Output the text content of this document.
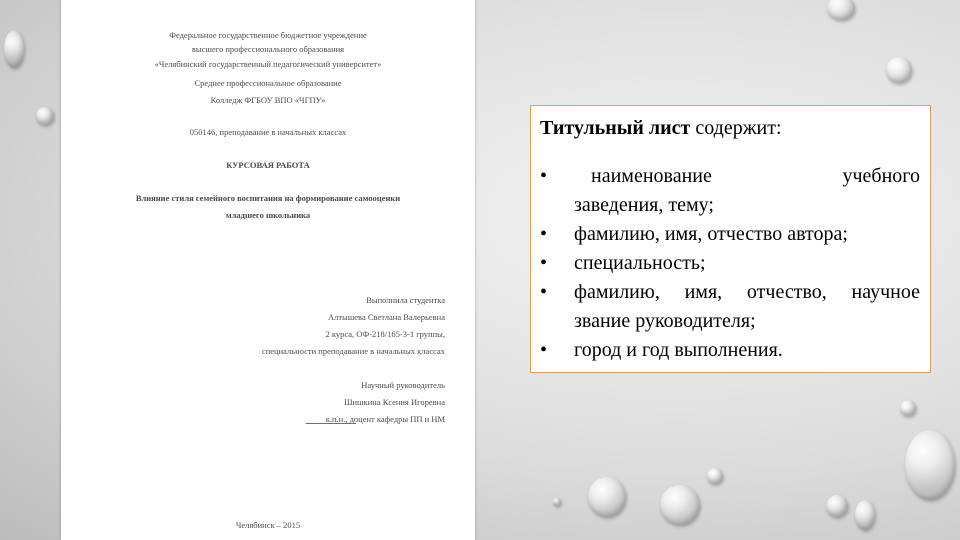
Федеральное государственное бюджетное учреждение
высшего профессионального образования
«Челябинский государственный педагогический университет»
Среднее профессиональное образование
Колледж ФГБОУ ВПО «ЧГПУ»
050146, преподавание в начальных классах
КУРСОВАЯ РАБОТА
Влияние стиля семейного воспитания на формирование самооценки
младшего школьника
Выполнила студентка
Алтышева Светлана Валерьевна
2 курса, ОФ-218/165-3-1 группы,
специальности преподавание в начальных классах
Научный руководитель
Шишкина Ксения Игоревна
к.п.н., доцент кафедры ПП и НМ
Челябинск – 2015

Титульный лист содержит:

• наименование	учебного
заведения, тему;
• фамилию, имя, отчество автора;
• специальность;
• фамилию, имя, отчество, научное звание руководителя;
• город и год выполнения.
